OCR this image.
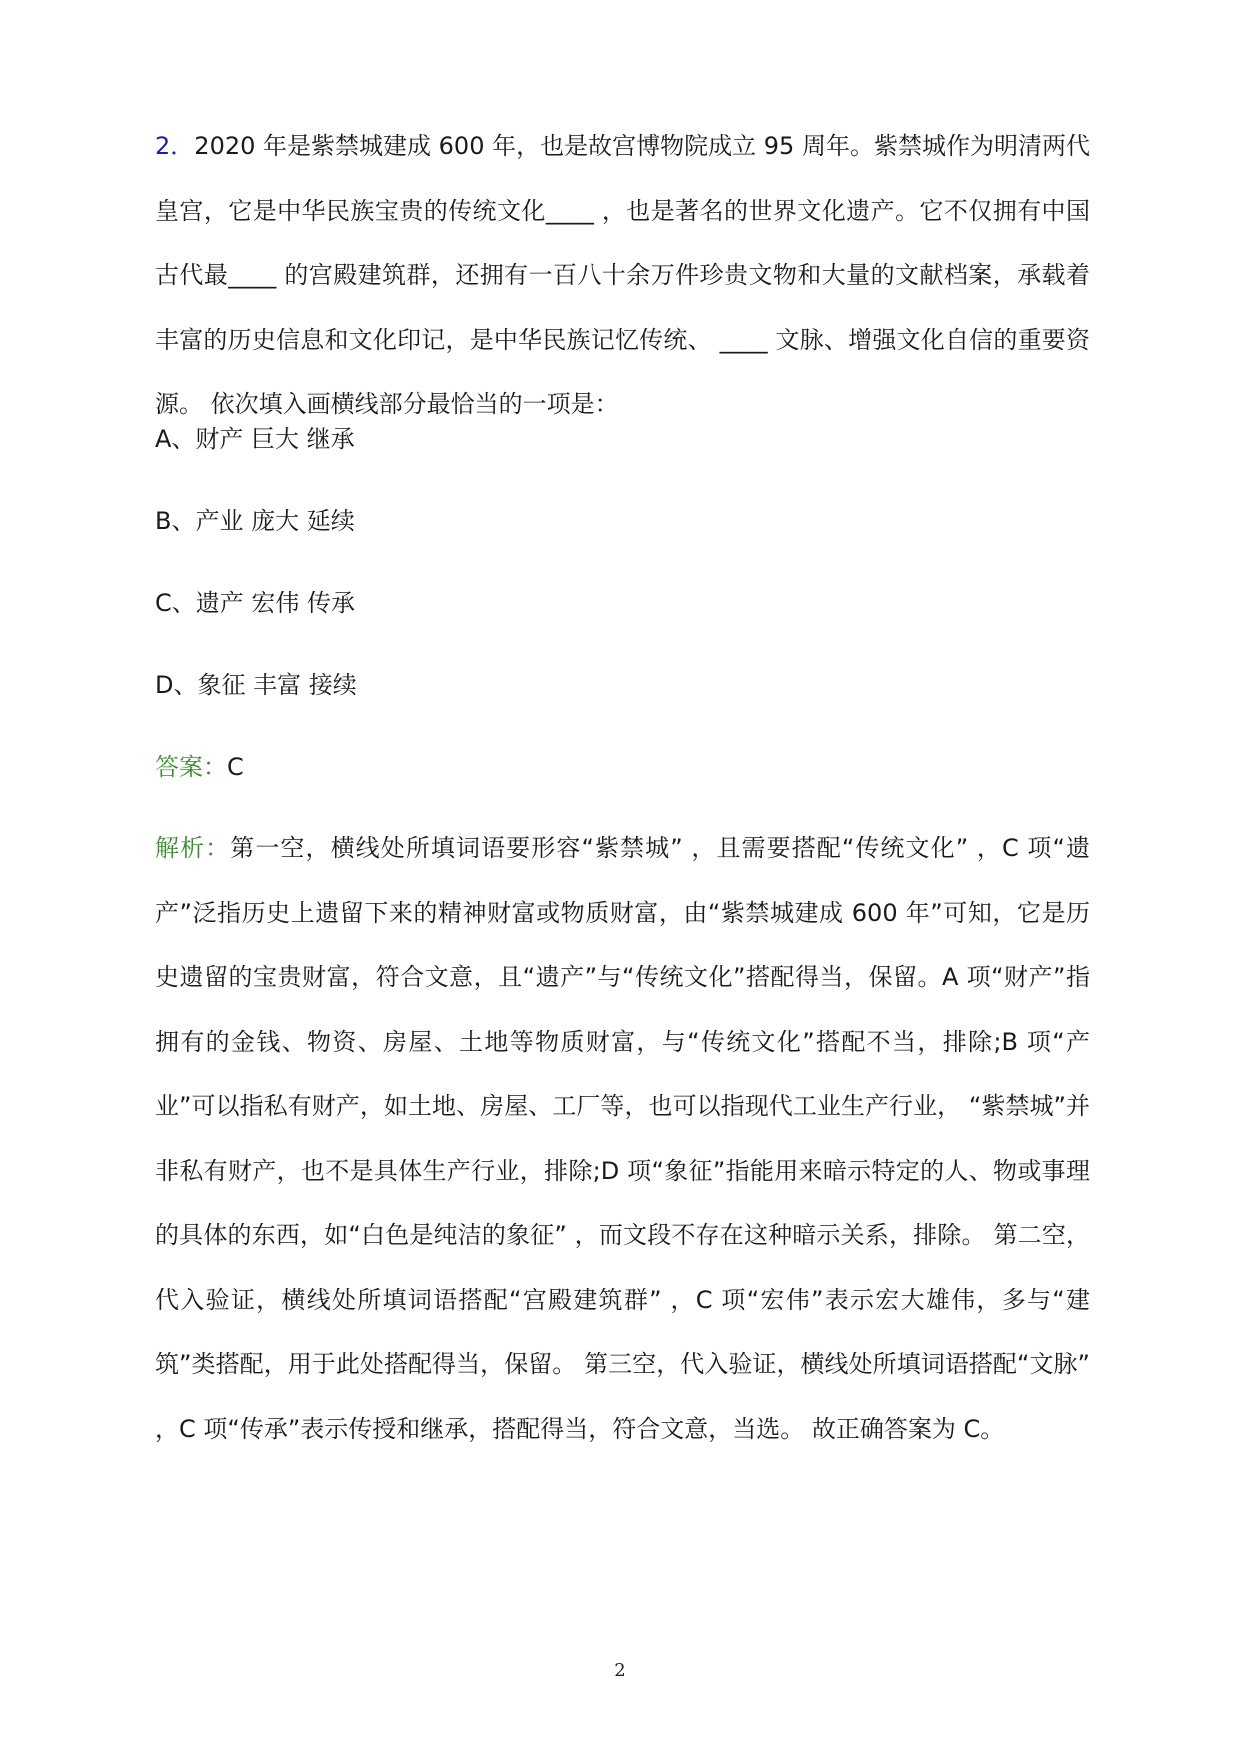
2．2020 年是紫禁城建成 600 年，也是故宫博物院成立 95 周年。紫禁城作为明清两代皇宫，它是中华民族宝贵的传统文化____ ，也是著名的世界文化遗产。它不仅拥有中国古代最____ 的宫殿建筑群，还拥有一百八十余万件珍贵文物和大量的文献档案，承载着丰富的历史信息和文化印记，是中华民族记忆传统、 ____ 文脉、增强文化自信的重要资源。 依次填入画横线部分最恰当的一项是：

A、财产 巨大 继承

B、产业 庞大 延续

C、遗产 宏伟 传承

D、象征 丰富 接续

答案：C

解析：第一空，横线处所填词语要形容“紫禁城” ，且需要搭配“传统文化” ，C 项“遗产”泛指历史上遗留下来的精神财富或物质财富，由“紫禁城建成 600 年”可知，它是历史遗留的宝贵财富，符合文意，且“遗产”与“传统文化”搭配得当，保留。A 项“财产”指拥有的金钱、物资、房屋、土地等物质财富，与“传统文化”搭配不当，排除;B 项“产业”可以指私有财产，如土地、房屋、工厂等，也可以指现代工业生产行业， “紫禁城”并非私有财产，也不是具体生产行业，排除;D 项“象征”指能用来暗示特定的人、物或事理的具体的东西，如“白色是纯洁的象征” ，而文段不存在这种暗示关系，排除。 第二空，代入验证，横线处所填词语搭配“宫殿建筑群” ，C 项“宏伟”表示宏大雄伟，多与“建筑”类搭配，用于此处搭配得当，保留。 第三空，代入验证，横线处所填词语搭配“文脉” ，C 项“传承”表示传授和继承，搭配得当，符合文意，当选。 故正确答案为 C。

2
